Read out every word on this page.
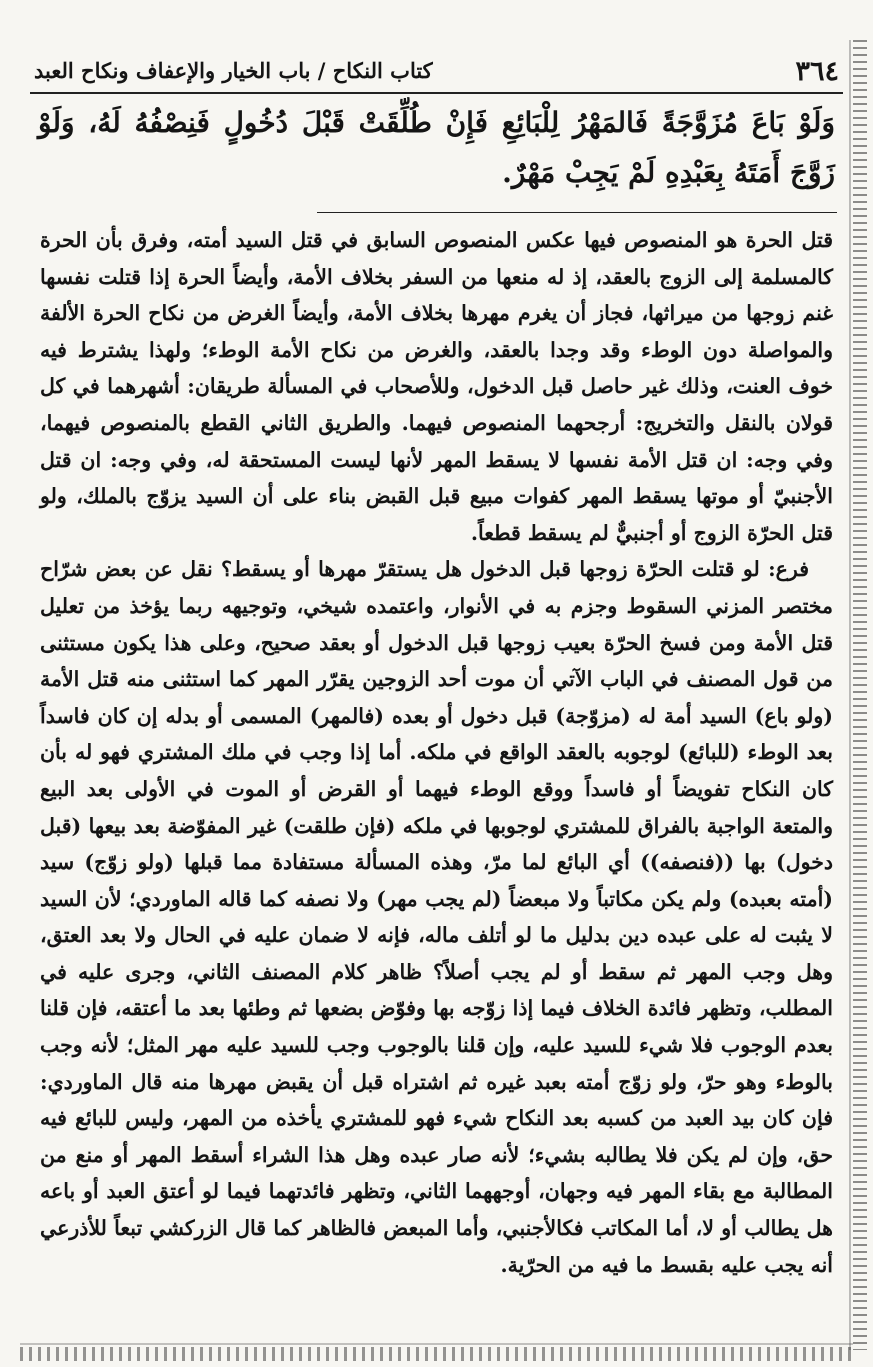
٣٦٤
كتاب النكاح / باب الخيار والإعفاف ونكاح العبد
وَلَوْ بَاعَ مُزَوَّجَةً فَالمَهْرُ لِلْبَائِعِ فَإِنْ طُلِّقَتْ قَبْلَ دُخُولٍ فَنِصْفُهُ لَهُ، وَلَوْ زَوَّجَ أَمَتَهُ بِعَبْدِهِ لَمْ يَجِبْ مَهْرٌ.

قتل الحرة هو المنصوص فيها عكس المنصوص السابق في قتل السيد أمته، وفرق بأن الحرة كالمسلمة إلى الزوج بالعقد، إذ له منعها من السفر بخلاف الأمة، وأيضاً الحرة إذا قتلت نفسها غنم زوجها من ميراثها، فجاز أن يغرم مهرها بخلاف الأمة، وأيضاً الغرض من نكاح الحرة الألفة والمواصلة دون الوطء وقد وجدا بالعقد، والغرض من نكاح الأمة الوطء؛ ولهذا يشترط فيه خوف العنت، وذلك غير حاصل قبل الدخول، وللأصحاب في المسألة طريقان: أشهرهما في كل قولان بالنقل والتخريج: أرجحهما المنصوص فيهما. والطريق الثاني القطع بالمنصوص فيهما، وفي وجه: ان قتل الأمة نفسها لا يسقط المهر لأنها ليست المستحقة له، وفي وجه: ان قتل الأجنبيّ أو موتها يسقط المهر كفوات مبيع قبل القبض بناء على أن السيد يزوّج بالملك، ولو قتل الحرّة الزوج أو أجنبيٌّ لم يسقط قطعاً.

فرع: لو قتلت الحرّة زوجها قبل الدخول هل يستقرّ مهرها أو يسقط؟ نقل عن بعض شرّاح مختصر المزني السقوط وجزم به في الأنوار، واعتمده شيخي، وتوجيهه ربما يؤخذ من تعليل قتل الأمة ومن فسخ الحرّة بعيب زوجها قبل الدخول أو بعقد صحيح، وعلى هذا يكون مستثنى من قول المصنف في الباب الآتي أن موت أحد الزوجين يقرّر المهر كما استثنى منه قتل الأمة (ولو باع) السيد أمة له (مزوّجة) قبل دخول أو بعده (فالمهر) المسمى أو بدله إن كان فاسداً بعد الوطء (للبائع) لوجوبه بالعقد الواقع في ملكه. أما إذا وجب في ملك المشتري فهو له بأن كان النكاح تفويضاً أو فاسداً ووقع الوطء فيهما أو القرض أو الموت في الأولى بعد البيع والمتعة الواجبة بالفراق للمشتري لوجوبها في ملكه (فإن طلقت) غير المفوّضة بعد بيعها (قبل دخول) بها ((فنصفه)) أي البائع لما مرّ، وهذه المسألة مستفادة مما قبلها (ولو زوّج) سيد (أمته بعبده) ولم يكن مكاتباً ولا مبعضاً (لم يجب مهر) ولا نصفه كما قاله الماوردي؛ لأن السيد لا يثبت له على عبده دين بدليل ما لو أتلف ماله، فإنه لا ضمان عليه في الحال ولا بعد العتق، وهل وجب المهر ثم سقط أو لم يجب أصلاً؟ ظاهر كلام المصنف الثاني، وجرى عليه في المطلب، وتظهر فائدة الخلاف فيما إذا زوّجه بها وفوّض بضعها ثم وطئها بعد ما أعتقه، فإن قلنا بعدم الوجوب فلا شيء للسيد عليه، وإن قلنا بالوجوب وجب للسيد عليه مهر المثل؛ لأنه وجب بالوطء وهو حرّ، ولو زوّج أمته بعبد غيره ثم اشتراه قبل أن يقبض مهرها منه قال الماوردي: فإن كان بيد العبد من كسبه بعد النكاح شيء فهو للمشتري يأخذه من المهر، وليس للبائع فيه حق، وإن لم يكن فلا يطالبه بشيء؛ لأنه صار عبده وهل هذا الشراء أسقط المهر أو منع من المطالبة مع بقاء المهر فيه وجهان، أوجههما الثاني، وتظهر فائدتهما فيما لو أعتق العبد أو باعه هل يطالب أو لا، أما المكاتب فكالأجنبي، وأما المبعض فالظاهر كما قال الزركشي تبعاً للأذرعي أنه يجب عليه بقسط ما فيه من الحرّية.
